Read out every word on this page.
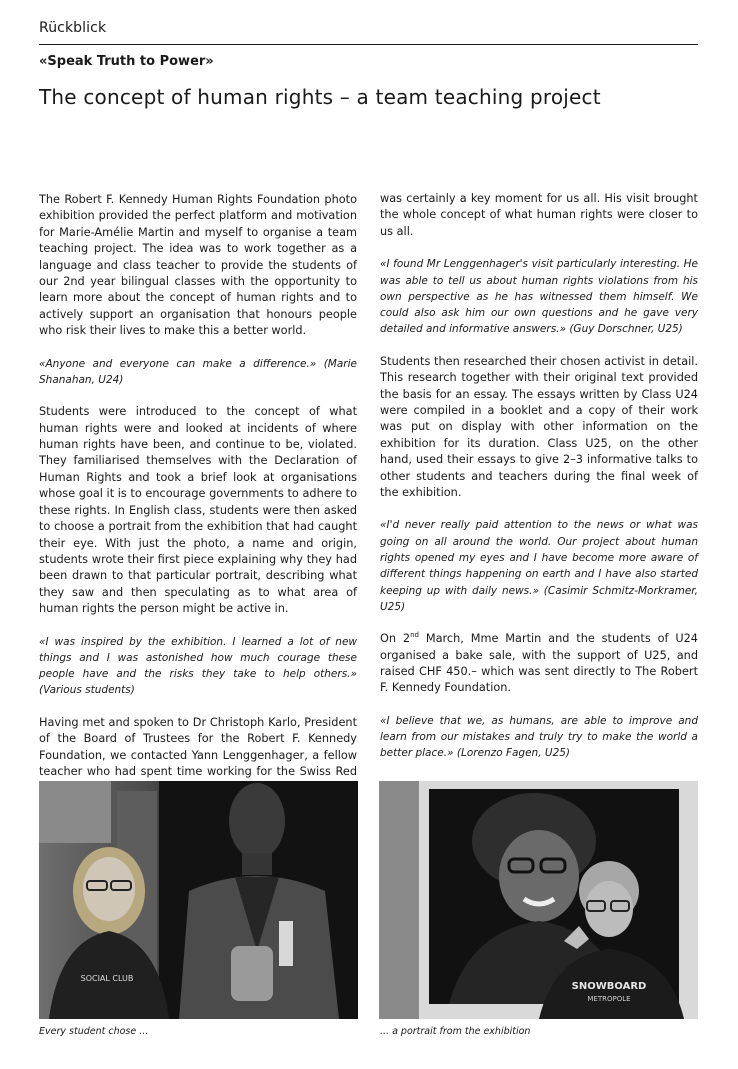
Rückblick
«Speak Truth to Power»
The concept of human rights – a team teaching project

The Robert F. Kennedy Human Rights Foundation photo exhibition provided the perfect platform and motivation for Marie-Amélie Martin and myself to organise a team teaching project. The idea was to work together as a language and class teacher to provide the students of our 2nd year bilingual classes with the opportunity to learn more about the concept of human rights and to actively support an organisation that honours people who risk their lives to make this a better world.

«Anyone and everyone can make a difference.» (Marie Shanahan, U24)

Students were introduced to the concept of what human rights were and looked at incidents of where human rights have been, and continue to be, violated. They familiarised themselves with the Declaration of Human Rights and took a brief look at organisations whose goal it is to encourage governments to adhere to these rights. In English class, students were then asked to choose a portrait from the exhibition that had caught their eye. With just the photo, a name and origin, students wrote their first piece explaining why they had been drawn to that particular portrait, describing what they saw and then speculating as to what area of human rights the person might be active in.

«I was inspired by the exhibition. I learned a lot of new things and I was astonished how much courage these people have and the risks they take to help others.» (Various students)

Having met and spoken to Dr Christoph Karlo, President of the Board of Trustees for the Robert F. Kennedy Foundation, we contacted Yann Lenggenhager, a fellow teacher who had spent time working for the Swiss Red

was certainly a key moment for us all. His visit brought the whole concept of what human rights were closer to us all.

«I found Mr Lenggenhager's visit particularly interesting. He was able to tell us about human rights violations from his own perspective as he has witnessed them himself. We could also ask him our own questions and he gave very detailed and informative answers.» (Guy Dorschner, U25)

Students then researched their chosen activist in detail. This research together with their original text provided the basis for an essay. The essays written by Class U24 were compiled in a booklet and a copy of their work was put on display with other information on the exhibition for its duration. Class U25, on the other hand, used their essays to give 2–3 informative talks to other students and teachers during the final week of the exhibition.

«I'd never really paid attention to the news or what was going on all around the world. Our project about human rights opened my eyes and I have become more aware of different things happening on earth and I have also started keeping up with daily news.» (Casimir Schmitz-Morkramer, U25)

On 2nd March, Mme Martin and the students of U24 organised a bake sale, with the support of U25, and raised CHF 450.– which was sent directly to The Robert F. Kennedy Foundation.

«I believe that we, as humans, are able to improve and learn from our mistakes and truly try to make the world a better place.» (Lorenzo Fagen, U25)

SOCIAL CLUB
Every student chose ...
SNOWBOARD
METROPOLE
... a portrait from the exhibition
